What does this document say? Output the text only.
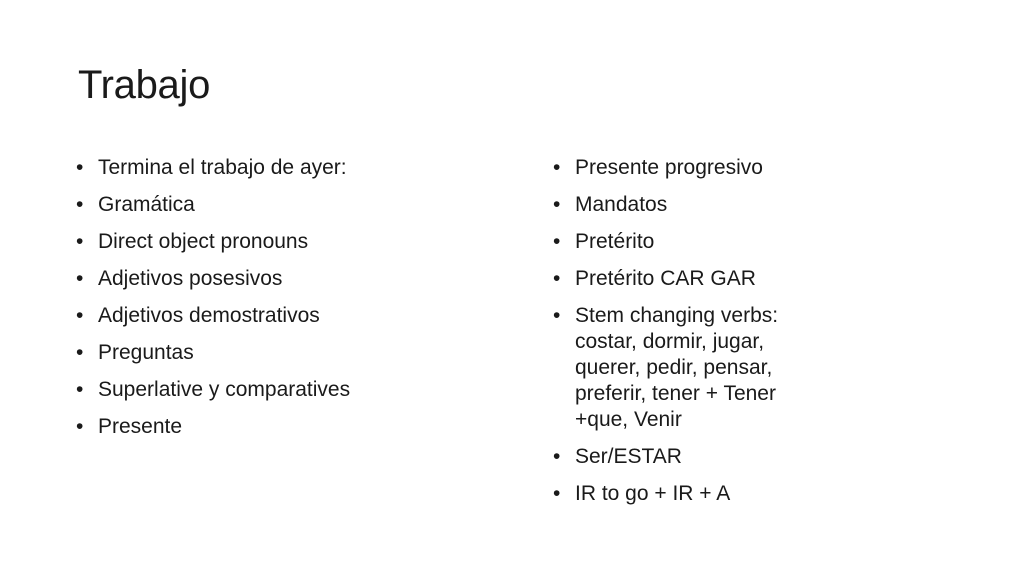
Trabajo
• Termina el trabajo de ayer:
• Gramática
• Direct object pronouns
• Adjetivos posesivos
• Adjetivos demostrativos
• Preguntas
• Superlative y comparatives
• Presente
• Presente progresivo
• Mandatos
• Pretérito
• Pretérito CAR GAR
• Stem changing verbs: costar, dormir, jugar, querer, pedir, pensar, preferir, tener + Tener +que, Venir
• Ser/ESTAR
• IR to go + IR + A
